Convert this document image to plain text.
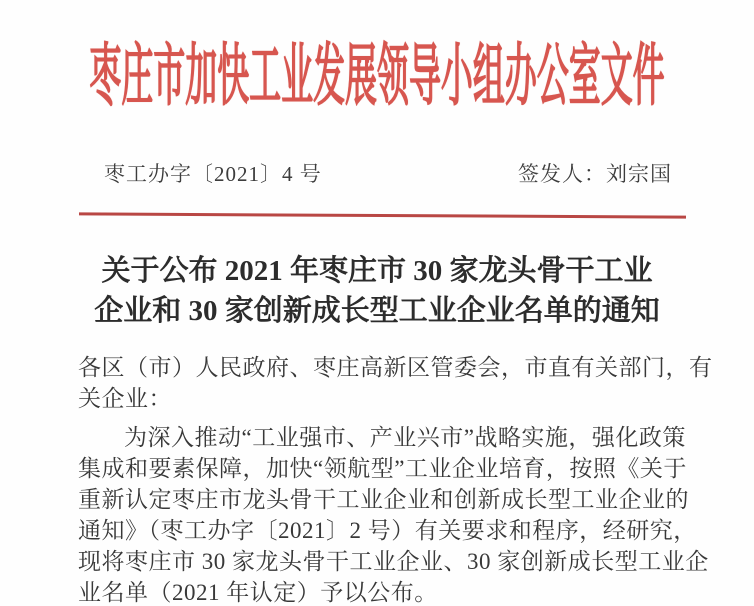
枣庄市加快工业发展领导小组办公室文件
枣工办字〔2021〕4 号	签发人：刘宗国
关于公布 2021 年枣庄市 30 家龙头骨干工业
企业和 30 家创新成长型工业企业名单的通知
各区（市）人民政府、枣庄高新区管委会，市直有关部门，有
关企业：
为深入推动“工业强市、产业兴市”战略实施，强化政策
集成和要素保障，加快“领航型”工业企业培育，按照《关于
重新认定枣庄市龙头骨干工业企业和创新成长型工业企业的
通知》（枣工办字〔2021〕2 号）有关要求和程序，经研究，
现将枣庄市 30 家龙头骨干工业企业、30 家创新成长型工业企
业名单（2021 年认定）予以公布。
